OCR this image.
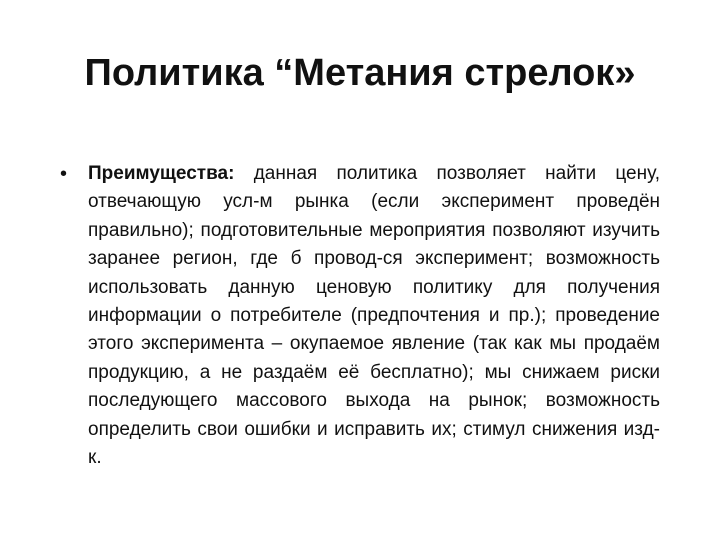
Политика “Метания стрелок»
• Преимущества: данная политика позволяет найти цену, отвечающую усл-м рынка (если эксперимент проведён правильно); подготовительные мероприятия позволяют изучить заранее регион, где б провод-ся эксперимент; возможность использовать данную ценовую политику для получения информации о потребителе (предпочтения и пр.); проведение этого эксперимента – окупаемое явление (так как мы продаём продукцию, а не раздаём её бесплатно); мы снижаем риски последующего массового выхода на рынок; возможность определить свои ошибки и исправить их; стимул снижения изд-к.
